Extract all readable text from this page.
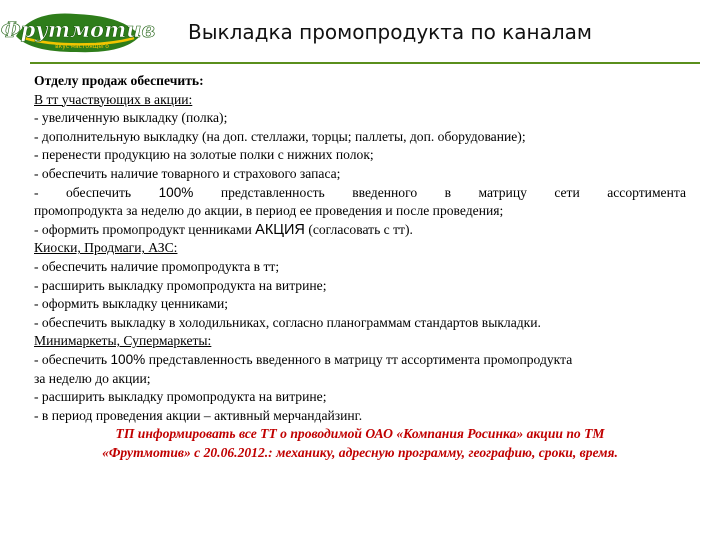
Фрутмотив
вкус настоящего
Выкладка промопродукта по каналам

Отделу продаж обеспечить:

В тт участвующих в акции:

- увеличенную выкладку (полка);

- дополнительную выкладку (на доп. стеллажи, торцы; паллеты, доп. оборудование);

- перенести продукцию на золотые полки с нижних полок;

- обеспечить наличие товарного и страхового запаса;

- обеспечить 100% представленность введенного в матрицу сети ассортимента

промопродукта за неделю до акции, в период ее проведения и после проведения;

- оформить промопродукт ценниками АКЦИЯ (согласовать с тт).

Киоски, Продмаги, АЗС:

- обеспечить наличие промопродукта в тт;

- расширить выкладку промопродукта на витрине;

- оформить выкладку ценниками;

- обеспечить выкладку в холодильниках, согласно планограммам стандартов выкладки.

Минимаркеты, Супермаркеты:

- обеспечить 100% представленность введенного в матрицу тт ассортимента промопродукта

за неделю до акции;

- расширить выкладку промопродукта на витрине;

- в период проведения акции – активный мерчандайзинг.

ТП информировать все ТТ о проводимой ОАО «Компания Росинка» акции по ТМ

«Фрутмотив» с 20.06.2012.: механику, адресную программу, географию, сроки, время.
